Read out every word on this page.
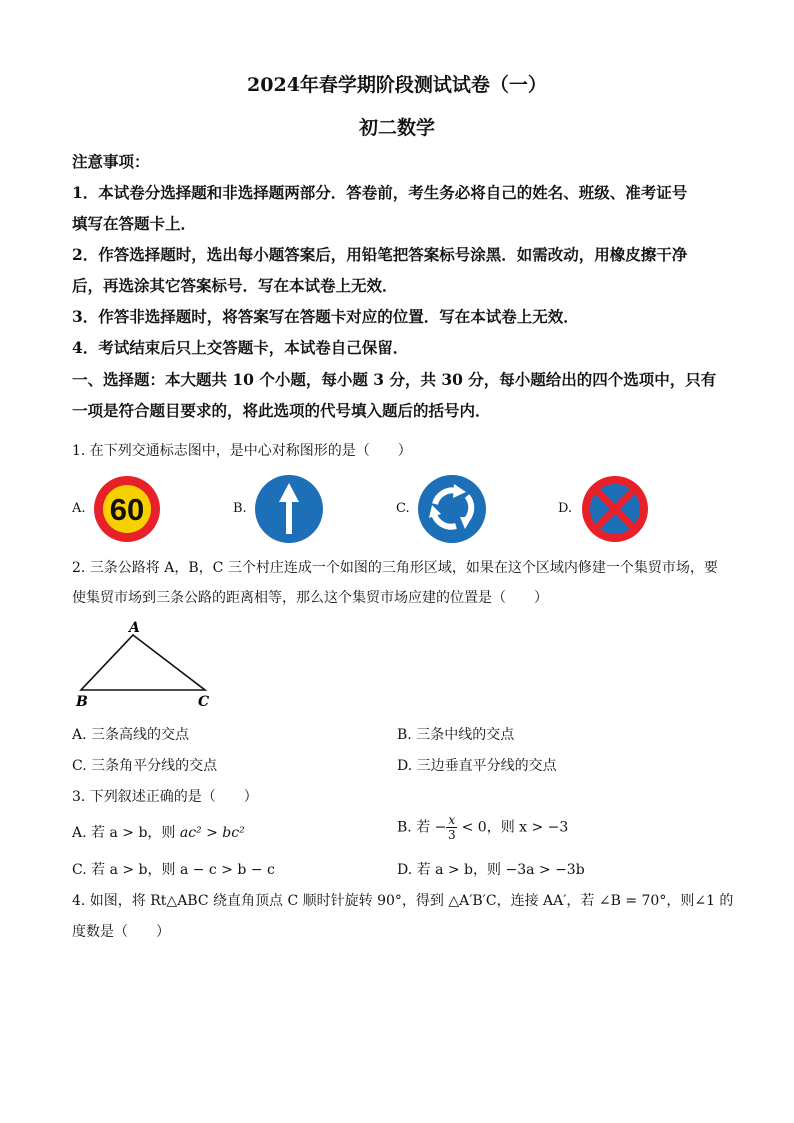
2024年春学期阶段测试试卷（一）
初二数学
注意事项：
1．本试卷分选择题和非选择题两部分．答卷前，考生务必将自己的姓名、班级、准考证号
填写在答题卡上．
2．作答选择题时，选出每小题答案后，用铅笔把答案标号涂黑．如需改动，用橡皮擦干净
后，再选涂其它答案标号．写在本试卷上无效．
3．作答非选择题时，将答案写在答题卡对应的位置．写在本试卷上无效．
4．考试结束后只上交答题卡，本试卷自己保留．
一、选择题：本大题共 10 个小题，每小题 3 分，共 30 分，每小题给出的四个选项中，只有
一项是符合题目要求的，将此选项的代号填入题后的括号内．
1. 在下列交通标志图中，是中心对称图形的是（　　）
A. 60	B.	C.	D.
2. 三条公路将 A，B，C 三个村庄连成一个如图的三角形区域，如果在这个区域内修建一个集贸市场，要
使集贸市场到三条公路的距离相等，那么这个集贸市场应建的位置是（　　）
A
B	C
A. 三条高线的交点	B. 三条中线的交点
C. 三条角平分线的交点	D. 三边垂直平分线的交点
3. 下列叙述正确的是（　　）
A. 若 a > b，则 ac² > bc²	B. 若 − $\frac{x}{3} < 0$，则 x > −3
C. 若 a > b，则 a − c > b − c	D. 若 a > b，则 −3a > −3b
4. 如图，将 Rt△ABC 绕直角顶点 C 顺时针旋转 90°，得到 △A′B′C，连接 AA′，若 ∠B = 70°，则∠1 的
度数是（　　）
